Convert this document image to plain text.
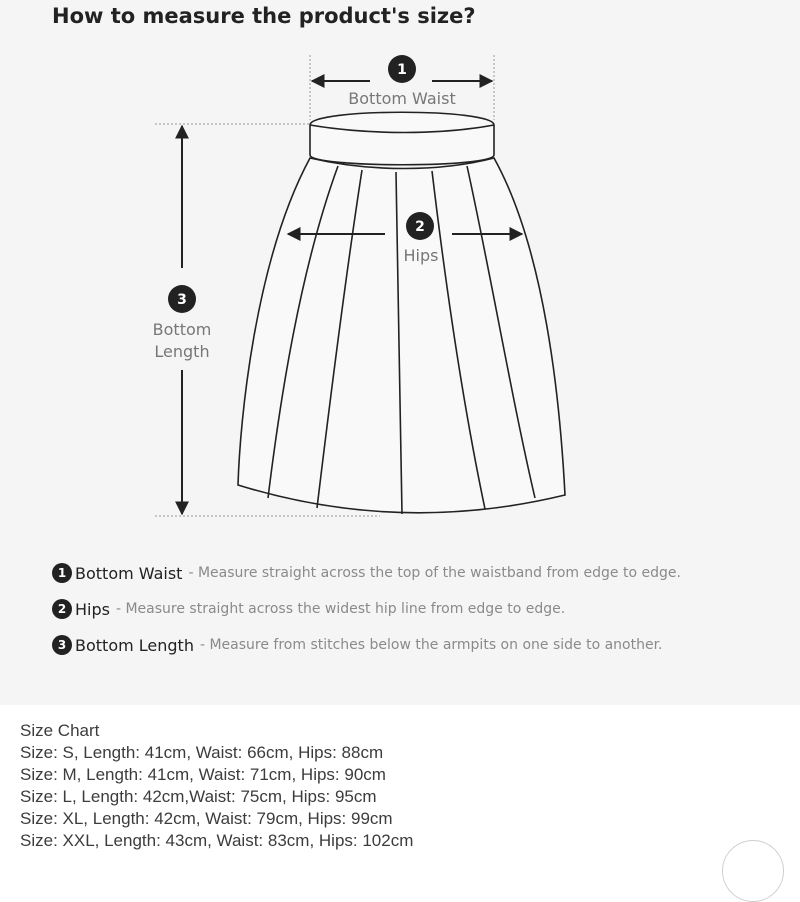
How to measure the product's size?
1
Bottom Waist
2
Hips
3
Bottom
Length
1 Bottom Waist - Measure straight across the top of the waistband from edge to edge.
2 Hips - Measure straight across the widest hip line from edge to edge.
3 Bottom Length - Measure from stitches below the armpits on one side to another.
Size Chart
Size: S, Length: 41cm, Waist: 66cm, Hips: 88cm
Size: M, Length: 41cm, Waist: 71cm, Hips: 90cm
Size: L, Length: 42cm,Waist: 75cm, Hips: 95cm
Size: XL, Length: 42cm, Waist: 79cm, Hips: 99cm
Size: XXL, Length: 43cm, Waist: 83cm, Hips: 102cm
